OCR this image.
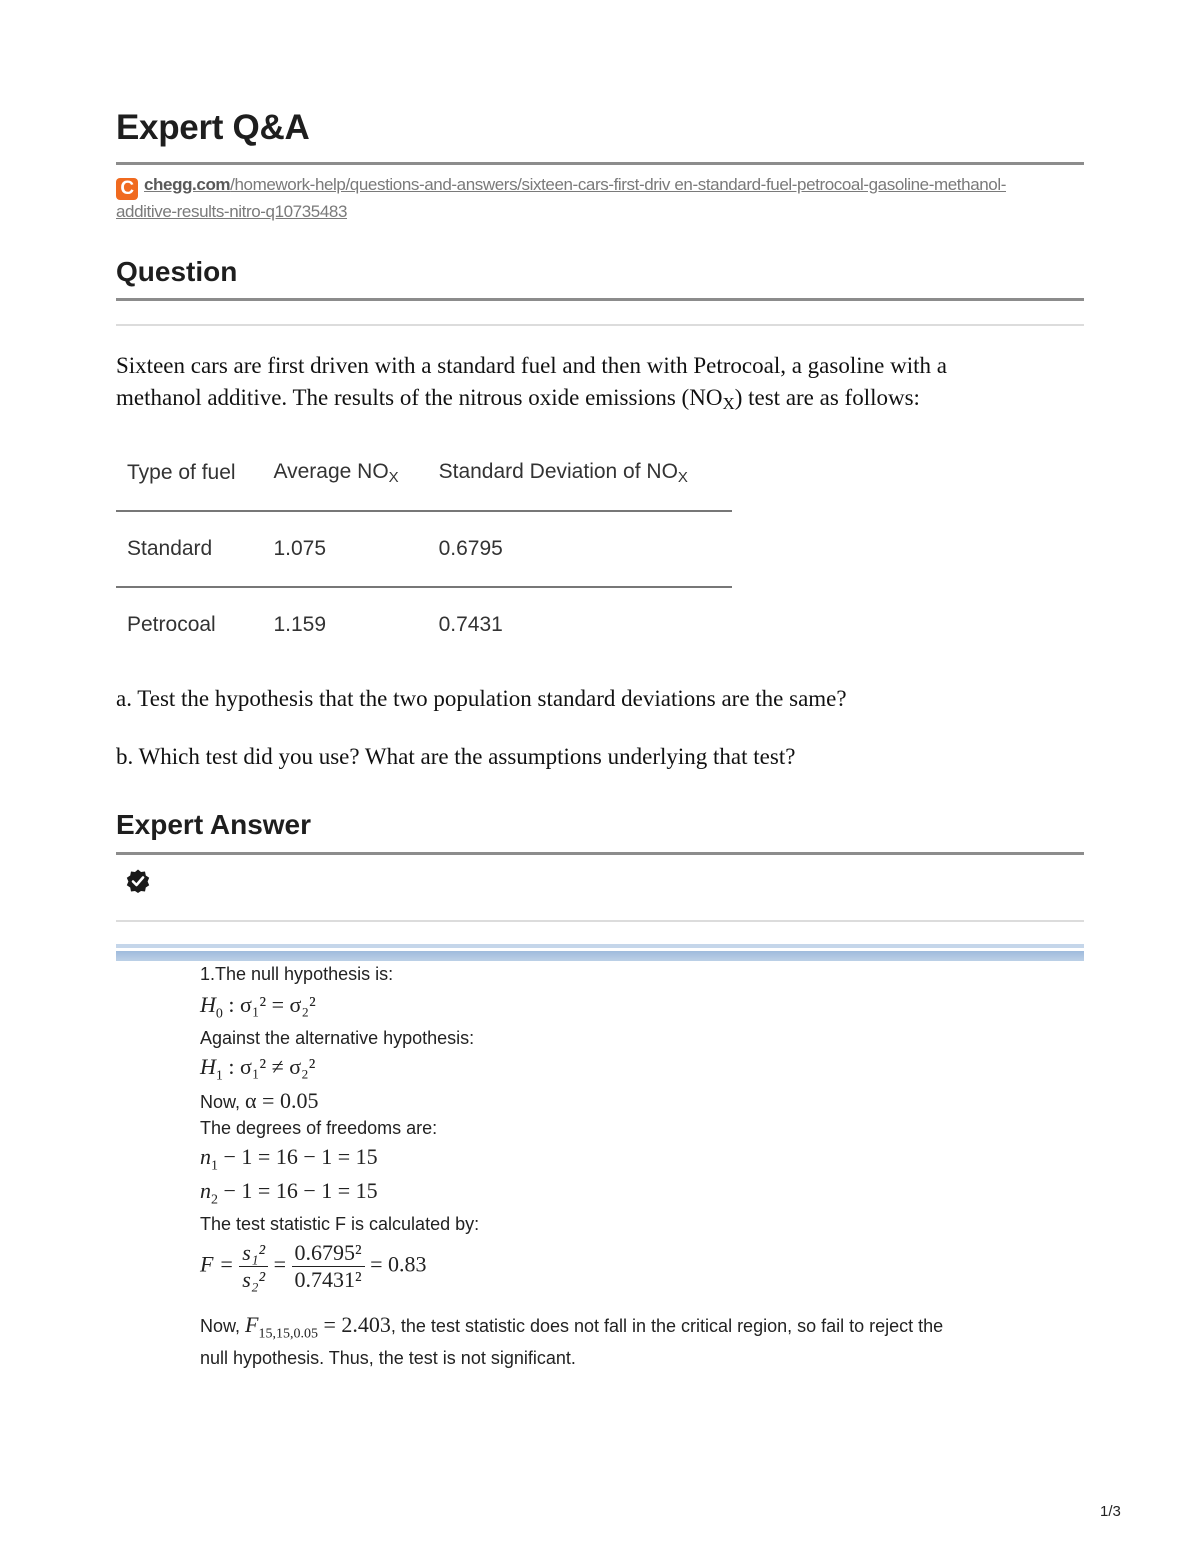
Expert Q&A
C chegg.com/homework-help/questions-and-answers/sixteen-cars-first-driv en-standard-fuel-petrocoal-gasoline-methanol-
additive-results-nitro-q10735483
Question
Sixteen cars are first driven with a standard fuel and then with Petrocoal, a gasoline with a
methanol additive. The results of the nitrous oxide emissions $(NO_X)$ test are as follows:
Type of fuel	Average $NO_X$	Standard Deviation of $NO_X$
Standard	1.075	0.6795
Petrocoal	1.159	0.7431
a. Test the hypothesis that the two population standard deviations are the same?
b. Which test did you use? What are the assumptions underlying that test?
Expert Answer
1.The null hypothesis is:
$H_0$ : σ₁² = σ₂²
Against the alternative hypothesis:
$H_1$ : σ₁² ≠ σ₂²
Now, α = 0.05
The degrees of freedoms are:
$n_1 - 1 = 16 - 1 = 15$
$n_2 - 1 = 16 - 1 = 15$
The test statistic F is calculated by:
$F = \frac{\text{s₁²}}{\text{s₂²}} = \frac{\text{0.6795²}}{\text{0.7431²}} = 0.83$
Now, $F_{15,15,0.05} = 2.403$, the test statistic does not fall in the critical region, so fail to reject the
null hypothesis. Thus, the test is not significant.
1/3
